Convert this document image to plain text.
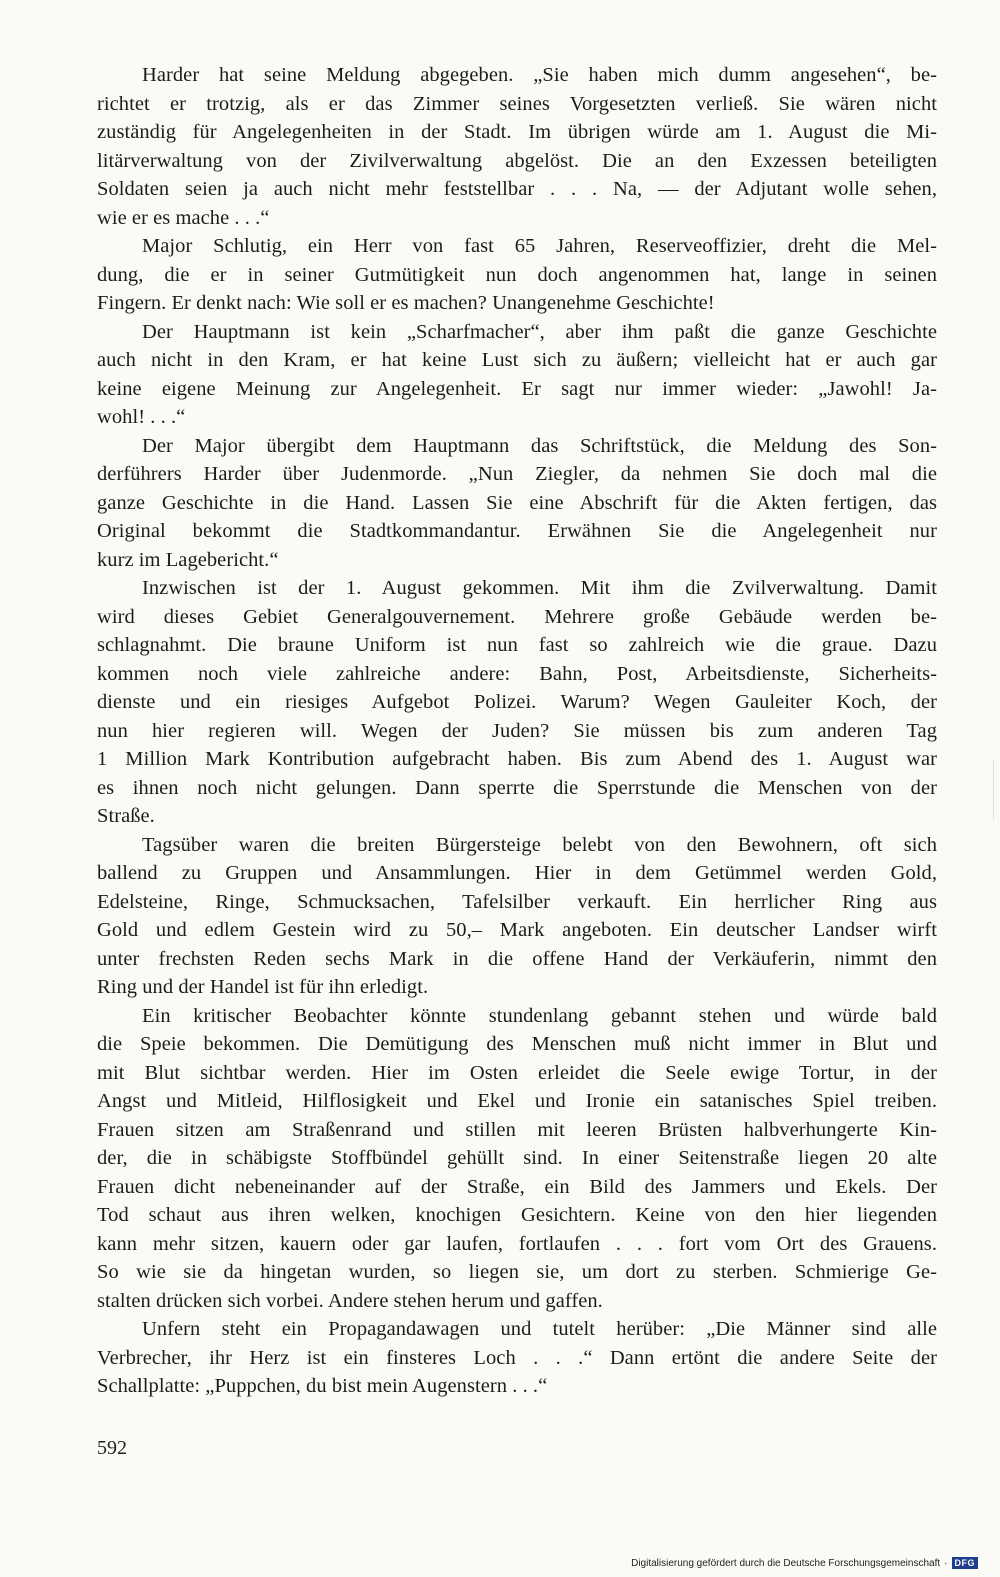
Harder hat seine Meldung abgegeben. „Sie haben mich dumm angesehen“, be-
richtet er trotzig, als er das Zimmer seines Vorgesetzten verließ. Sie wären nicht
zuständig für Angelegenheiten in der Stadt. Im übrigen würde am 1. August die Mi-
litärverwaltung von der Zivilverwaltung abgelöst. Die an den Exzessen beteiligten
Soldaten seien ja auch nicht mehr feststellbar . . . Na, — der Adjutant wolle sehen,
wie er es mache . . .“
Major Schlutig, ein Herr von fast 65 Jahren, Reserveoffizier, dreht die Mel-
dung, die er in seiner Gutmütigkeit nun doch angenommen hat, lange in seinen
Fingern. Er denkt nach: Wie soll er es machen? Unangenehme Geschichte!
Der Hauptmann ist kein „Scharfmacher“, aber ihm paßt die ganze Geschichte
auch nicht in den Kram, er hat keine Lust sich zu äußern; vielleicht hat er auch gar
keine eigene Meinung zur Angelegenheit. Er sagt nur immer wieder: „Jawohl! Ja-
wohl! . . .“
Der Major übergibt dem Hauptmann das Schriftstück, die Meldung des Son-
derführers Harder über Judenmorde. „Nun Ziegler, da nehmen Sie doch mal die
ganze Geschichte in die Hand. Lassen Sie eine Abschrift für die Akten fertigen, das
Original bekommt die Stadtkommandantur. Erwähnen Sie die Angelegenheit nur
kurz im Lagebericht.“
Inzwischen ist der 1. August gekommen. Mit ihm die Zvilverwaltung. Damit
wird dieses Gebiet Generalgouvernement. Mehrere große Gebäude werden be-
schlagnahmt. Die braune Uniform ist nun fast so zahlreich wie die graue. Dazu
kommen noch viele zahlreiche andere: Bahn, Post, Arbeitsdienste, Sicherheits-
dienste und ein riesiges Aufgebot Polizei. Warum? Wegen Gauleiter Koch, der
nun hier regieren will. Wegen der Juden? Sie müssen bis zum anderen Tag
1 Million Mark Kontribution aufgebracht haben. Bis zum Abend des 1. August war
es ihnen noch nicht gelungen. Dann sperrte die Sperrstunde die Menschen von der
Straße.
Tagsüber waren die breiten Bürgersteige belebt von den Bewohnern, oft sich
ballend zu Gruppen und Ansammlungen. Hier in dem Getümmel werden Gold,
Edelsteine, Ringe, Schmucksachen, Tafelsilber verkauft. Ein herrlicher Ring aus
Gold und edlem Gestein wird zu 50,– Mark angeboten. Ein deutscher Landser wirft
unter frechsten Reden sechs Mark in die offene Hand der Verkäuferin, nimmt den
Ring und der Handel ist für ihn erledigt.
Ein kritischer Beobachter könnte stundenlang gebannt stehen und würde bald
die Speie bekommen. Die Demütigung des Menschen muß nicht immer in Blut und
mit Blut sichtbar werden. Hier im Osten erleidet die Seele ewige Tortur, in der
Angst und Mitleid, Hilflosigkeit und Ekel und Ironie ein satanisches Spiel treiben.
Frauen sitzen am Straßenrand und stillen mit leeren Brüsten halbverhungerte Kin-
der, die in schäbigste Stoffbündel gehüllt sind. In einer Seitenstraße liegen 20 alte
Frauen dicht nebeneinander auf der Straße, ein Bild des Jammers und Ekels. Der
Tod schaut aus ihren welken, knochigen Gesichtern. Keine von den hier liegenden
kann mehr sitzen, kauern oder gar laufen, fortlaufen . . . fort vom Ort des Grauens.
So wie sie da hingetan wurden, so liegen sie, um dort zu sterben. Schmierige Ge-
stalten drücken sich vorbei. Andere stehen herum und gaffen.
Unfern steht ein Propagandawagen und tutelt herüber: „Die Männer sind alle
Verbrecher, ihr Herz ist ein finsteres Loch . . .“ Dann ertönt die andere Seite der
Schallplatte: „Puppchen, du bist mein Augenstern . . .“
592
Digitalisierung gefördert durch die Deutsche Forschungsgemeinschaft · DFG
